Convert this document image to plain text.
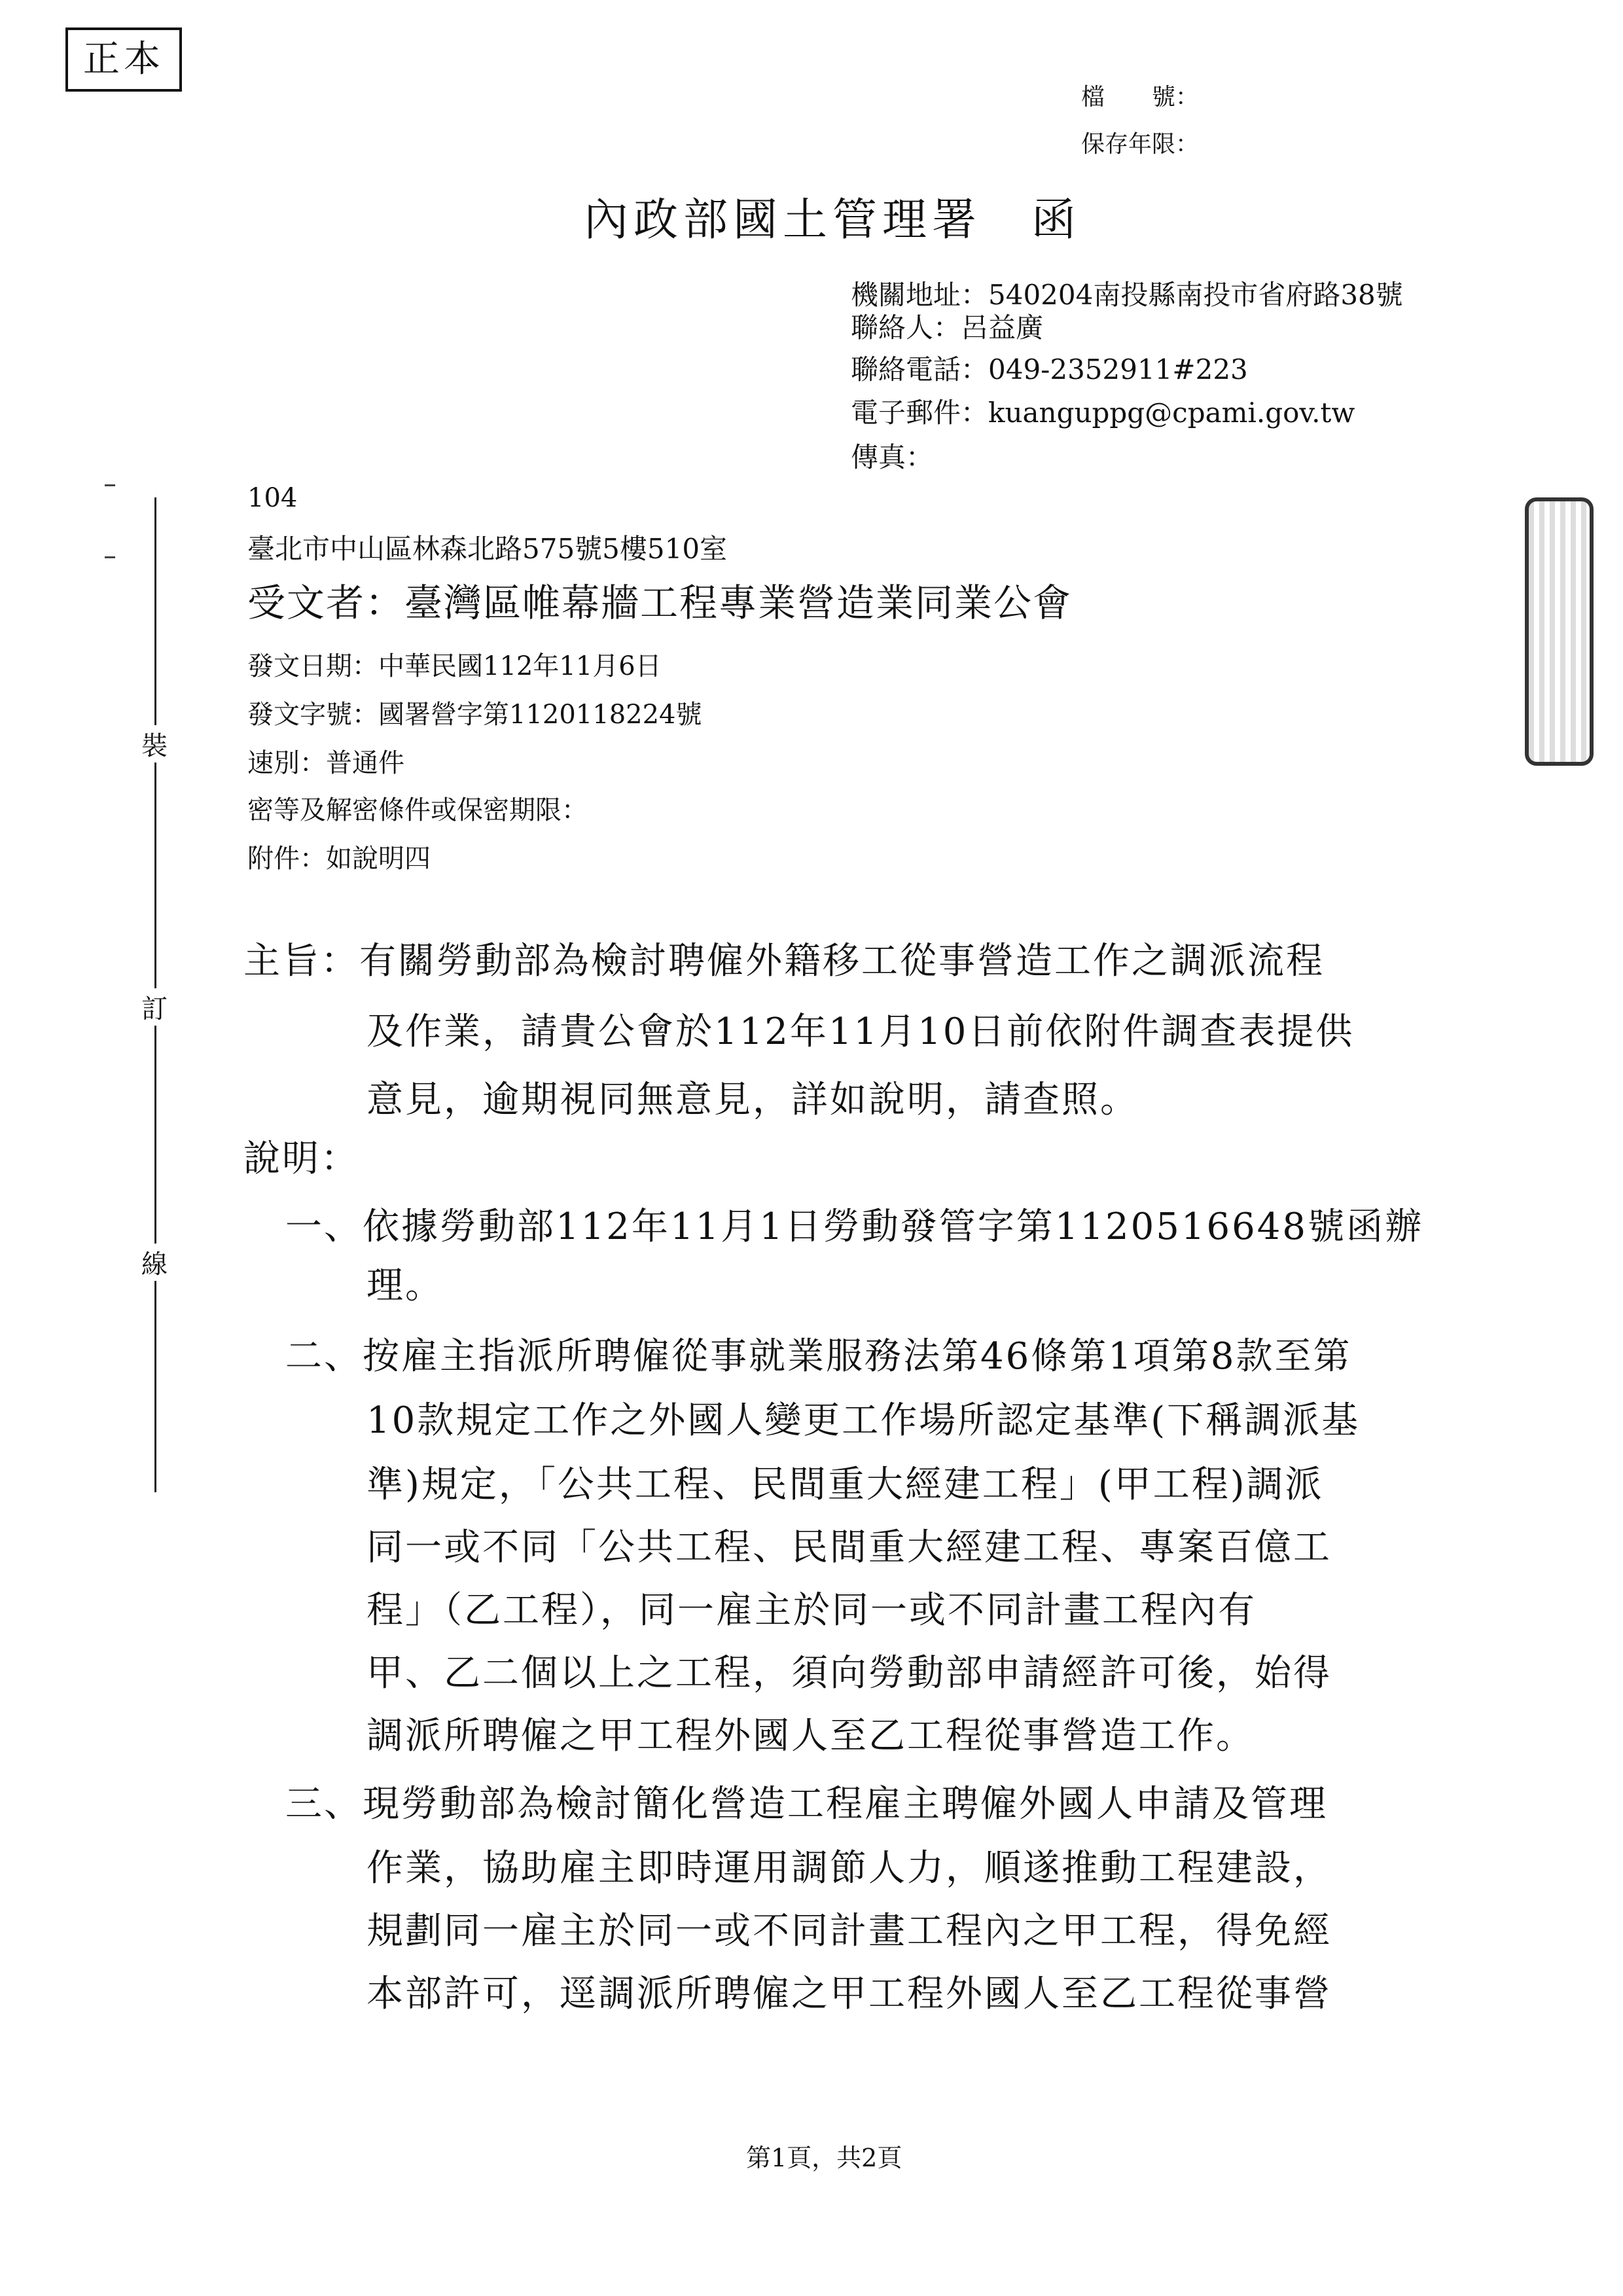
正本
檔　　號：
保存年限：
內政部國土管理署　函
機關地址：540204南投縣南投市省府路38號
聯絡人：呂益廣
聯絡電話：049-2352911#223
電子郵件：kuanguppg@cpami.gov.tw
傳真：
104
臺北市中山區林森北路575號5樓510室
受文者：臺灣區帷幕牆工程專業營造業同業公會
發文日期：中華民國112年11月6日
發文字號：國署營字第1120118224號
速別：普通件
密等及解密條件或保密期限：
附件：如說明四
裝
訂
線
主旨：有關勞動部為檢討聘僱外籍移工從事營造工作之調派流程
及作業，請貴公會於112年11月10日前依附件調查表提供
意見，逾期視同無意見，詳如說明，請查照。
說明：
一、依據勞動部112年11月1日勞動發管字第1120516648號函辦
理。
二、按雇主指派所聘僱從事就業服務法第46條第1項第8款至第
10款規定工作之外國人變更工作場所認定基準(下稱調派基
準)規定，「公共工程、民間重大經建工程」(甲工程)調派
同一或不同「公共工程、民間重大經建工程、專案百億工
程」（乙工程），同一雇主於同一或不同計畫工程內有
甲、乙二個以上之工程，須向勞動部申請經許可後，始得
調派所聘僱之甲工程外國人至乙工程從事營造工作。
三、現勞動部為檢討簡化營造工程雇主聘僱外國人申請及管理
作業，協助雇主即時運用調節人力，順遂推動工程建設，
規劃同一雇主於同一或不同計畫工程內之甲工程，得免經
本部許可，逕調派所聘僱之甲工程外國人至乙工程從事營
第1頁，共2頁
